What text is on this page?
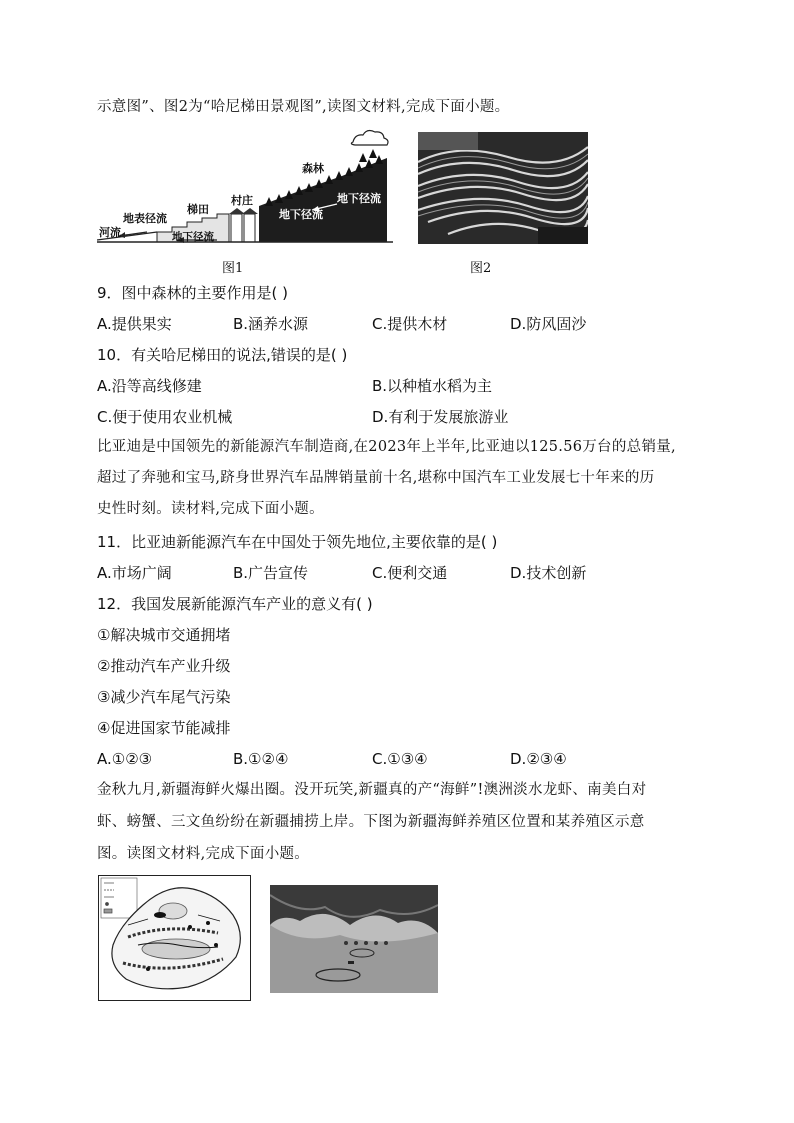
示意图”、图2为“哈尼梯田景观图”,读图文材料,完成下面小题。
森林
村庄
梯田
地表径流
河流	地下径流
地下径流
地下径流
图1	图2
9．图中森林的主要作用是( )
A.提供果实	B.涵养水源	C.提供木材	D.防风固沙
10．有关哈尼梯田的说法,错误的是( )
A.沿等高线修建	B.以种植水稻为主
C.便于使用农业机械	D.有利于发展旅游业
比亚迪是中国领先的新能源汽车制造商,在2023年上半年,比亚迪以125.56万台的总销量,
超过了奔驰和宝马,跻身世界汽车品牌销量前十名,堪称中国汽车工业发展七十年来的历
史性时刻。读材料,完成下面小题。
11．比亚迪新能源汽车在中国处于领先地位,主要依靠的是( )
A.市场广阔	B.广告宣传	C.便利交通	D.技术创新
12．我国发展新能源汽车产业的意义有( )
①解决城市交通拥堵
②推动汽车产业升级
③减少汽车尾气污染
④促进国家节能减排
A.①②③	B.①②④	C.①③④	D.②③④
金秋九月,新疆海鲜火爆出圈。没开玩笑,新疆真的产“海鲜”!澳洲淡水龙虾、南美白对
虾、螃蟹、三文鱼纷纷在新疆捕捞上岸。下图为新疆海鲜养殖区位置和某养殖区示意
图。读图文材料,完成下面小题。
